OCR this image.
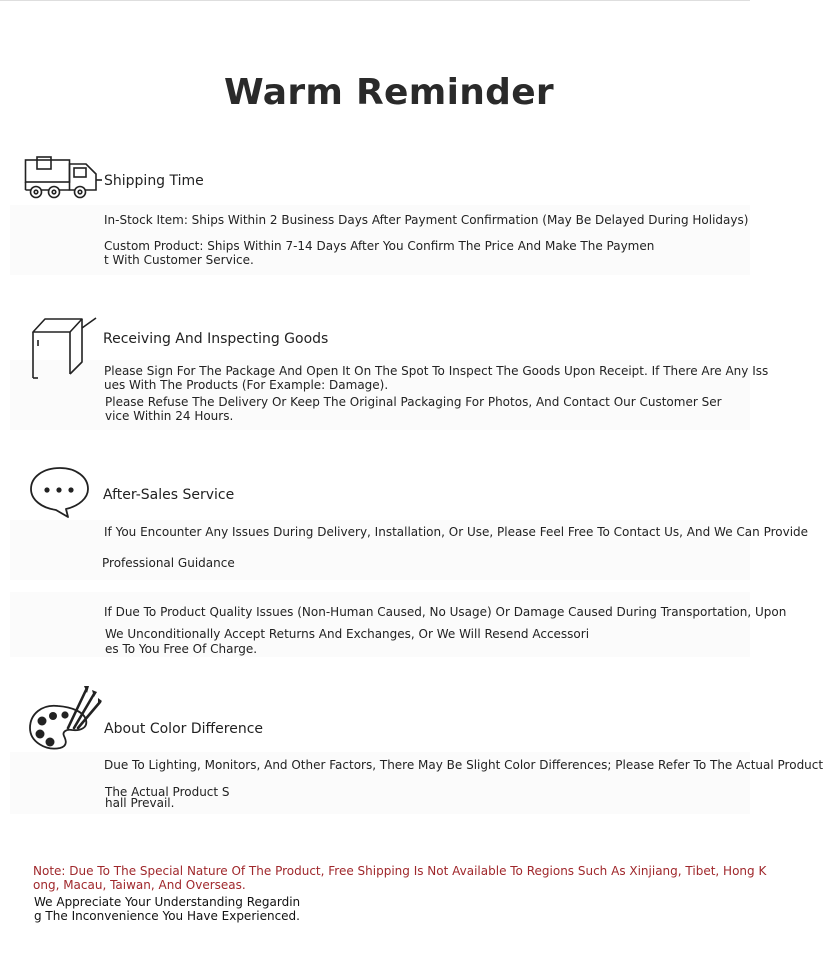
Warm Reminder
Shipping Time
In-Stock Item: Ships Within 2 Business Days After Payment Confirmation (May Be Delayed During Holidays)
Custom Product: Ships Within 7-14 Days After You Confirm The Price And Make The Paymen
t With Customer Service.
Receiving And Inspecting Goods
Please Sign For The Package And Open It On The Spot To Inspect The Goods Upon Receipt. If There Are Any Iss
ues With The Products (For Example: Damage).
Please Refuse The Delivery Or Keep The Original Packaging For Photos, And Contact Our Customer Ser
vice Within 24 Hours.
After-Sales Service
If You Encounter Any Issues During Delivery, Installation, Or Use, Please Feel Free To Contact Us, And We Can Provide
Professional Guidance
If Due To Product Quality Issues (Non-Human Caused, No Usage) Or Damage Caused During Transportation, Upon
We Unconditionally Accept Returns And Exchanges, Or We Will Resend Accessori
es To You Free Of Charge.
About Color Difference
Due To Lighting, Monitors, And Other Factors, There May Be Slight Color Differences; Please Refer To The Actual Product
The Actual Product S
hall Prevail.
Note: Due To The Special Nature Of The Product, Free Shipping Is Not Available To Regions Such As Xinjiang, Tibet, Hong K
ong, Macau, Taiwan, And Overseas.
We Appreciate Your Understanding Regardin
g The Inconvenience You Have Experienced.
